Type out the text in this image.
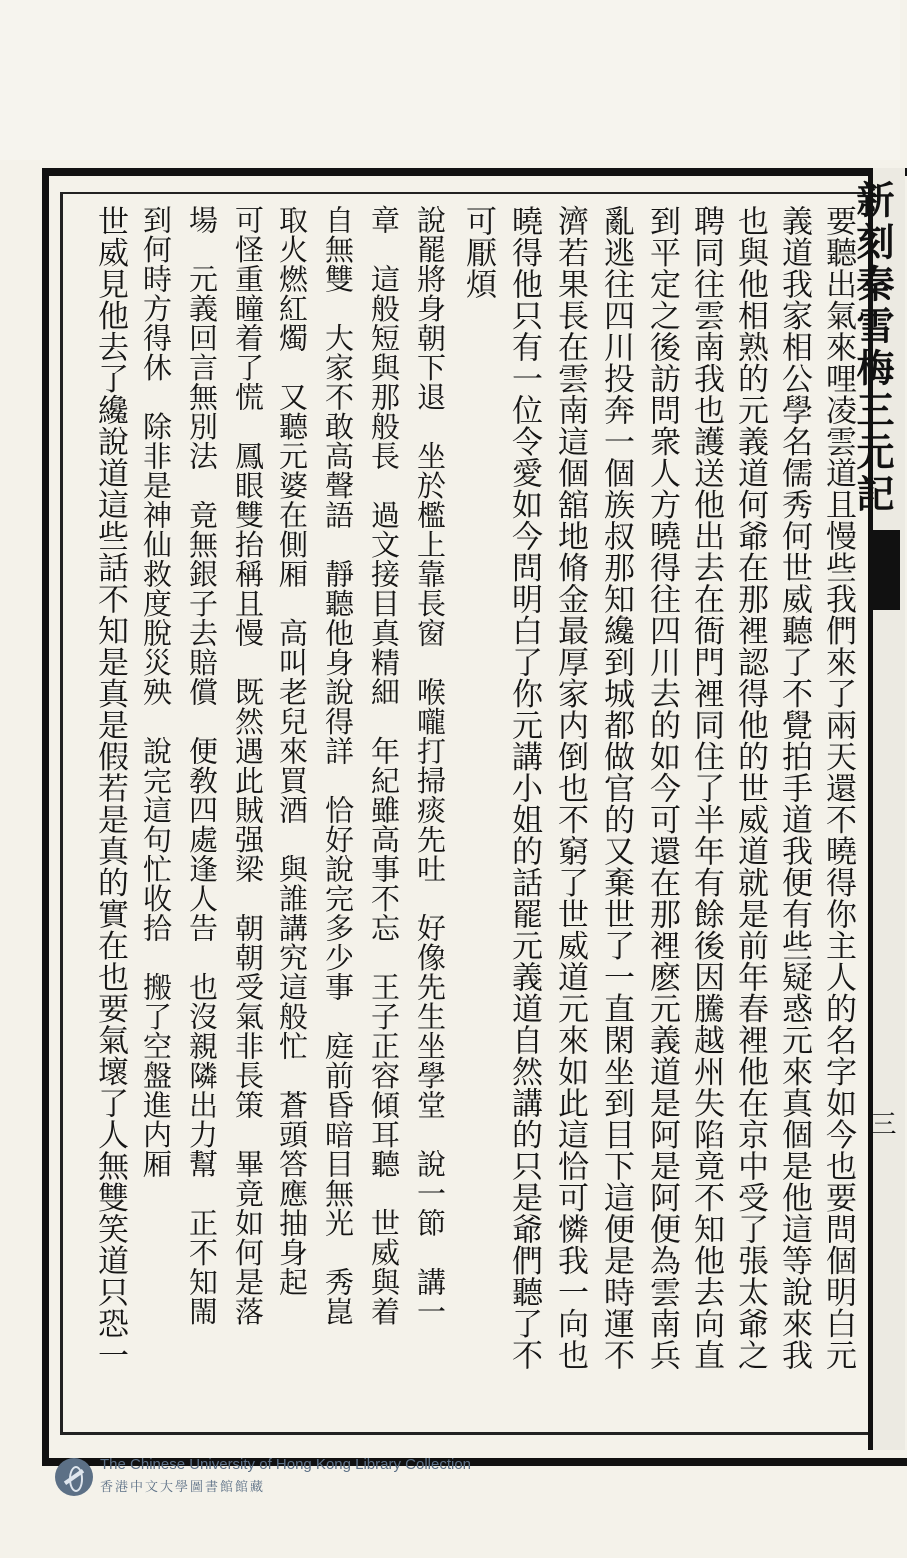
新刻秦雪梅三元記
三
要聽出氣來哩凌雲道且慢些我們來了兩天還不曉得你主人的名字如今也要問個明白元
義道我家相公學名儒秀何世威聽了不覺拍手道我便有些疑惑元來真個是他這等說來我
也與他相熟的元義道何爺在那裡認得他的世威道就是前年春裡他在京中受了張太爺之
聘同往雲南我也護送他出去在衙門裡同住了半年有餘後因騰越州失陷竟不知他去向直
到平定之後訪問衆人方曉得往四川去的如今可還在那裡麽元義道是阿是阿便為雲南兵
亂逃往四川投奔一個族叔那知纔到城都做官的又棄世了一直閑坐到目下這便是時運不
濟若果長在雲南這個舘地脩金最厚家内倒也不窮了世威道元來如此這恰可憐我一向也
曉得他只有一位令愛如今問明白了你元講小姐的話罷元義道自然講的只是爺們聽了不
可厭煩
說罷將身朝下退　坐於檻上靠長窗　喉嚨打掃痰先吐　好像先生坐學堂　說一節　講一
章　這般短與那般長　過文接目真精細　年紀雖高事不忘　王子正容傾耳聽　世威與着
自無雙　大家不敢高聲語　靜聽他身說得詳　恰好說完多少事　庭前昏暗目無光　秀崑
取火燃紅燭　又聽元婆在側厢　高叫老兒來買酒　與誰講究這般忙　蒼頭答應抽身起
可怪重瞳着了慌　鳳眼雙抬稱且慢　既然遇此賊强梁　朝朝受氣非長策　畢竟如何是落
場　元義回言無別法　竟無銀子去賠償　便敎四處逢人告　也沒親隣出力幫　正不知閙
到何時方得休　除非是神仙救度脫災殃　說完這句忙收拾　搬了空盤進内厢
世威見他去了纔說道這些話不知是真是假若是真的實在也要氣壞了人無雙笑道只恐一
The Chinese University of Hong Kong Library Collection
香港中文大學圖書館館藏
